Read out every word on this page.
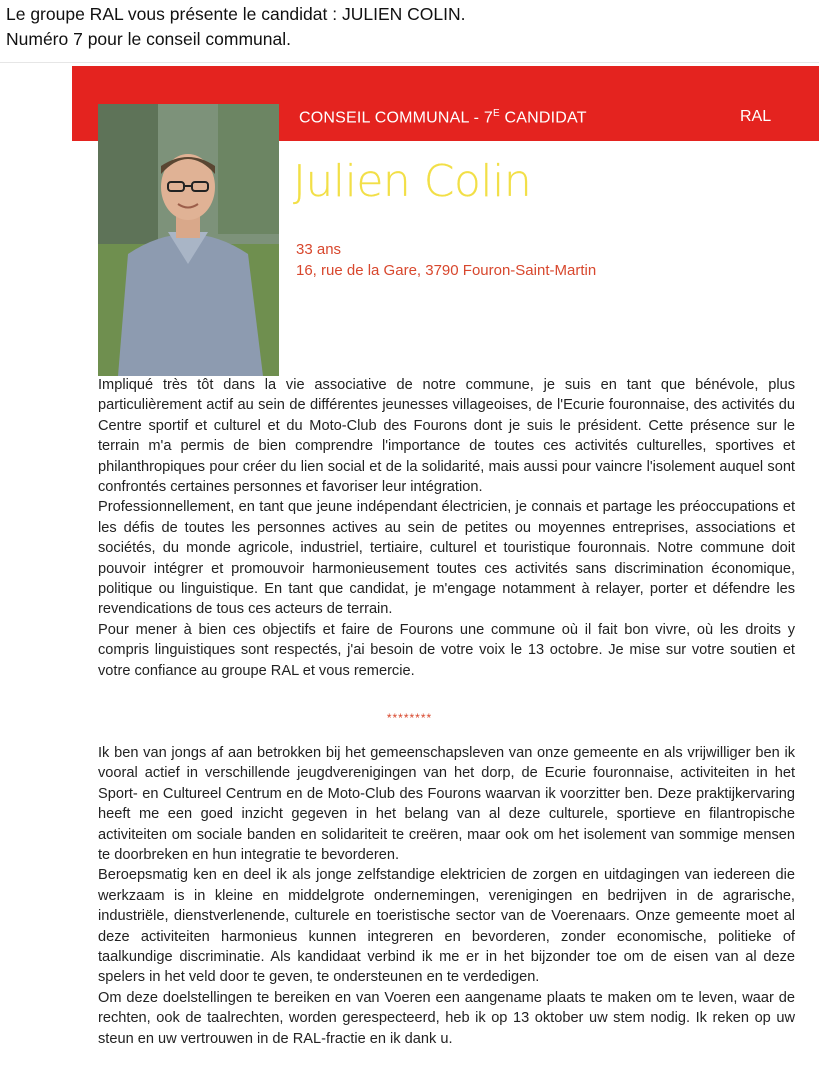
Le groupe RAL vous présente le candidat : JULIEN COLIN.
Numéro 7 pour le conseil communal.
CONSEIL COMMUNAL - $7^E$ CANDIDAT	RAL
Julien Colin
33 ans
16, rue de la Gare, 3790 Fouron-Saint-Martin

Impliqué très tôt dans la vie associative de notre commune, je suis en tant que bénévole, plus particulièrement actif au sein de différentes jeunesses villageoises, de l'Ecurie fouronnaise, des activités du Centre sportif et culturel et du Moto-Club des Fourons dont je suis le président. Cette présence sur le terrain m'a permis de bien comprendre l'importance de toutes ces activités culturelles, sportives et philanthropiques pour créer du lien social et de la solidarité, mais aussi pour vaincre l'isolement auquel sont confrontés certaines personnes et favoriser leur intégration.

Professionnellement, en tant que jeune indépendant électricien, je connais et partage les préoccupations et les défis de toutes les personnes actives au sein de petites ou moyennes entreprises, associations et sociétés, du monde agricole, industriel, tertiaire, culturel et touristique fouronnais. Notre commune doit pouvoir intégrer et promouvoir harmonieusement toutes ces activités sans discrimination économique, politique ou linguistique. En tant que candidat, je m'engage notamment à relayer, porter et défendre les revendications de tous ces acteurs de terrain.

Pour mener à bien ces objectifs et faire de Fourons une commune où il fait bon vivre, où les droits y compris linguistiques sont respectés, j'ai besoin de votre voix le 13 octobre. Je mise sur votre soutien et votre confiance au groupe RAL et vous remercie.

********

Ik ben van jongs af aan betrokken bij het gemeenschapsleven van onze gemeente en als vrijwilliger ben ik vooral actief in verschillende jeugdverenigingen van het dorp, de Ecurie fouronnaise, activiteiten in het Sport- en Cultureel Centrum en de Moto-Club des Fourons waarvan ik voorzitter ben. Deze praktijkervaring heeft me een goed inzicht gegeven in het belang van al deze culturele, sportieve en filantropische activiteiten om sociale banden en solidariteit te creëren, maar ook om het isolement van sommige mensen te doorbreken en hun integratie te bevorderen.

Beroepsmatig ken en deel ik als jonge zelfstandige elektricien de zorgen en uitdagingen van iedereen die werkzaam is in kleine en middelgrote ondernemingen, verenigingen en bedrijven in de agrarische, industriële, dienstverlenende, culturele en toeristische sector van de Voerenaars. Onze gemeente moet al deze activiteiten harmonieus kunnen integreren en bevorderen, zonder economische, politieke of taalkundige discriminatie. Als kandidaat verbind ik me er in het bijzonder toe om de eisen van al deze spelers in het veld door te geven, te ondersteunen en te verdedigen.

Om deze doelstellingen te bereiken en van Voeren een aangename plaats te maken om te leven, waar de rechten, ook de taalrechten, worden gerespecteerd, heb ik op 13 oktober uw stem nodig. Ik reken op uw steun en uw vertrouwen in de RAL-fractie en ik dank u.
